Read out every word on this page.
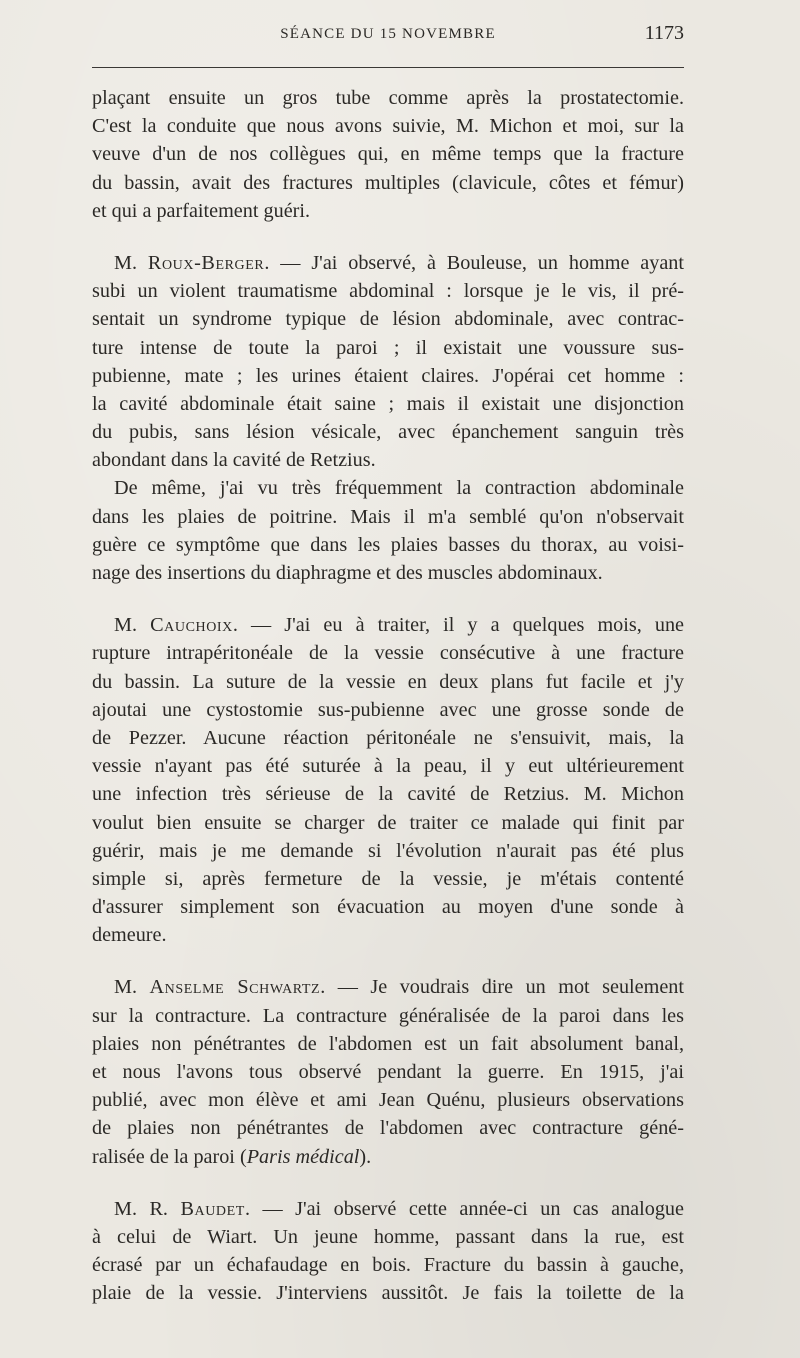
SÉANCE DU 15 NOVEMBRE	1173
plaçant ensuite un gros tube comme après la prostatectomie.
C'est la conduite que nous avons suivie, M. Michon et moi, sur la
veuve d'un de nos collègues qui, en même temps que la fracture
du bassin, avait des fractures multiples (clavicule, côtes et fémur)
et qui a parfaitement guéri.
M. Roux-Berger. — J'ai observé, à Bouleuse, un homme ayant
subi un violent traumatisme abdominal : lorsque je le vis, il pré-
sentait un syndrome typique de lésion abdominale, avec contrac-
ture intense de toute la paroi ; il existait une voussure sus-
pubienne, mate ; les urines étaient claires. J'opérai cet homme :
la cavité abdominale était saine ; mais il existait une disjonction
du pubis, sans lésion vésicale, avec épanchement sanguin très
abondant dans la cavité de Retzius.
De même, j'ai vu très fréquemment la contraction abdominale
dans les plaies de poitrine. Mais il m'a semblé qu'on n'observait
guère ce symptôme que dans les plaies basses du thorax, au voisi-
nage des insertions du diaphragme et des muscles abdominaux.
M. Cauchoix. — J'ai eu à traiter, il y a quelques mois, une
rupture intrapéritonéale de la vessie consécutive à une fracture
du bassin. La suture de la vessie en deux plans fut facile et j'y
ajoutai une cystostomie sus-pubienne avec une grosse sonde de
de Pezzer. Aucune réaction péritonéale ne s'ensuivit, mais, la
vessie n'ayant pas été suturée à la peau, il y eut ultérieurement
une infection très sérieuse de la cavité de Retzius. M. Michon
voulut bien ensuite se charger de traiter ce malade qui finit par
guérir, mais je me demande si l'évolution n'aurait pas été plus
simple si, après fermeture de la vessie, je m'étais contenté
d'assurer simplement son évacuation au moyen d'une sonde à
demeure.
M. Anselme Schwartz. — Je voudrais dire un mot seulement
sur la contracture. La contracture généralisée de la paroi dans les
plaies non pénétrantes de l'abdomen est un fait absolument banal,
et nous l'avons tous observé pendant la guerre. En 1915, j'ai
publié, avec mon élève et ami Jean Quénu, plusieurs observations
de plaies non pénétrantes de l'abdomen avec contracture géné-
ralisée de la paroi (Paris médical).
M. R. Baudet. — J'ai observé cette année-ci un cas analogue
à celui de Wiart. Un jeune homme, passant dans la rue, est
écrasé par un échafaudage en bois. Fracture du bassin à gauche,
plaie de la vessie. J'interviens aussitôt. Je fais la toilette de la
